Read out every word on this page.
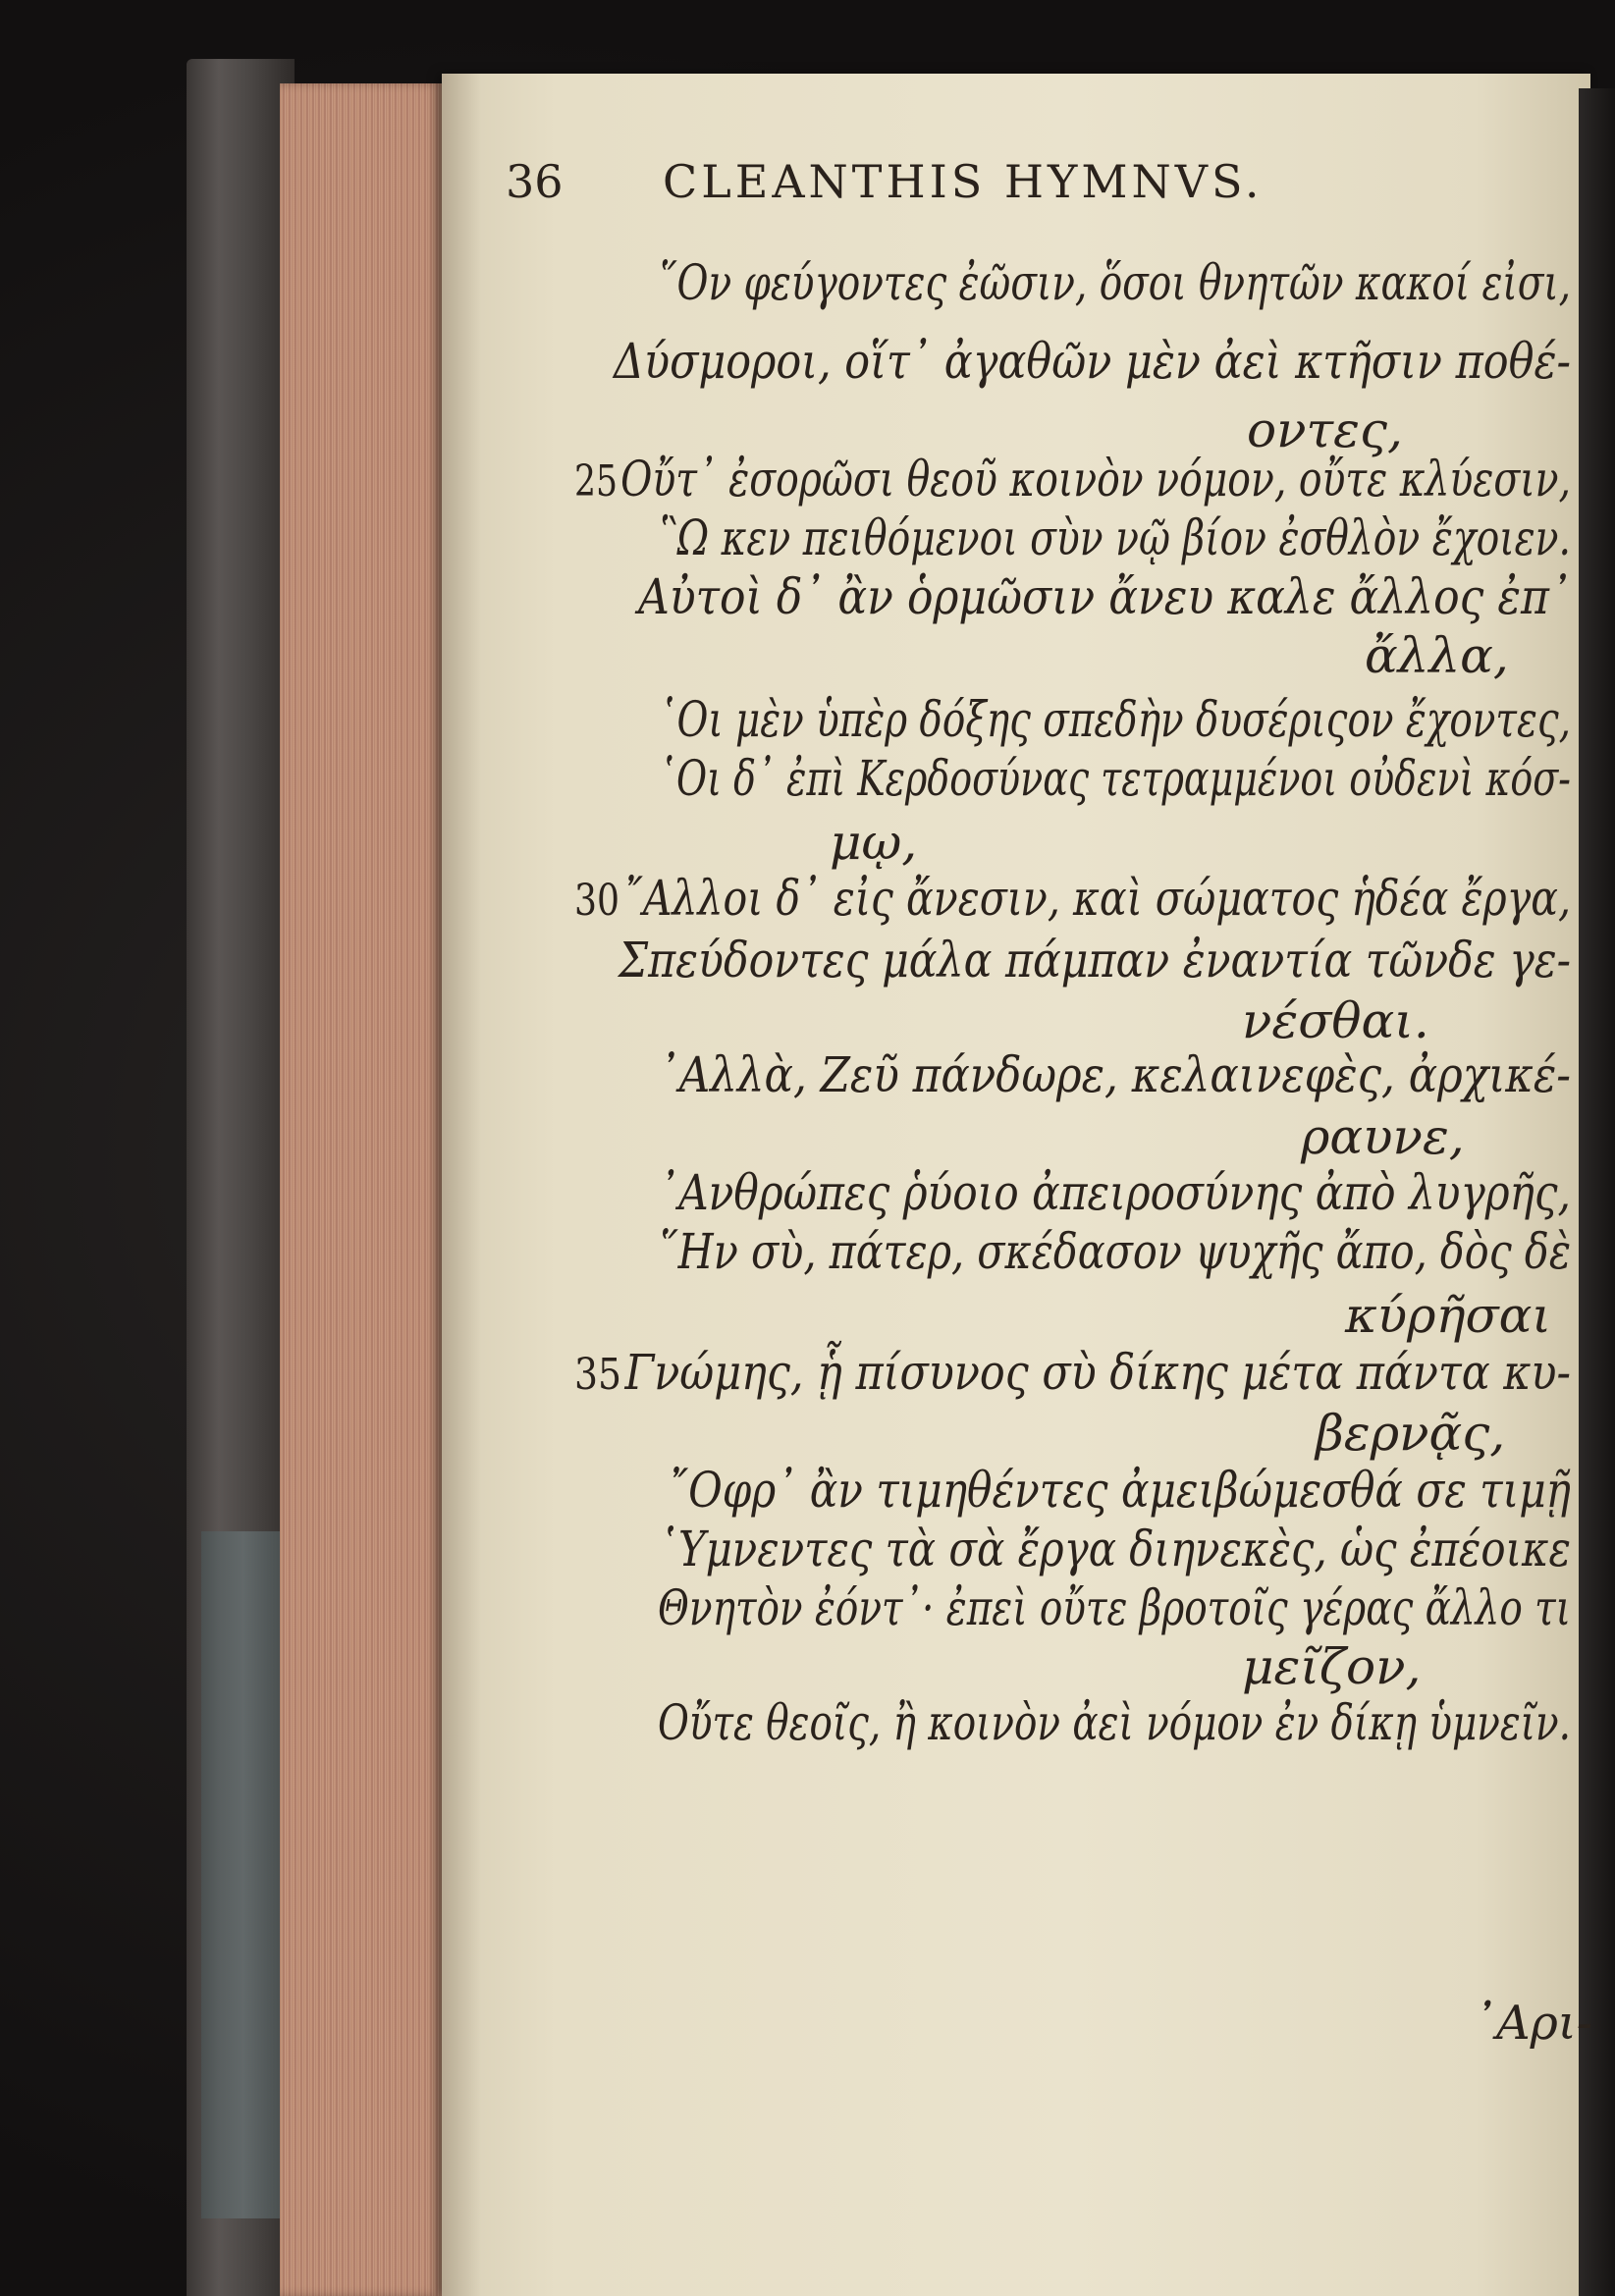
36 CLEANTHIS HYMNVS.
῞Ον φεύγοντες ἐῶσιν, ὅσοι θνητῶν κακοί εἰσι,
Δύσμοροι, οἵτ᾽ ἀγαθῶν μὲν ἀεὶ κτῆσιν ποθέ-
οντες,
25Οὔτ᾽ ἐσορῶσι θεοῦ κοινὸν νόμον, οὔτε κλύεσιν,
῝Ω κεν πειθόμενοι σὺν νῷ βίον ἐσθλὸν ἔχοιεν.
Αὐτοὶ δ᾽ ἂν ὁρμῶσιν ἄνευ καλε ἄλλος ἐπ᾽
ἄλλα,
῾Οι μὲν ὑπὲρ δόξης σπεδὴν δυσέριςον ἔχοντες,
῾Οι δ᾽ ἐπὶ Κερδοσύνας τετραμμένοι οὐδενὶ κόσ-
μῳ,
30῎Αλλοι δ᾽ εἰς ἄνεσιν, καὶ σώματος ἡδέα ἔργα,
Σπεύδοντες μάλα πάμπαν ἐναντία τῶνδε γε-
νέσθαι.
᾿Αλλὰ, Ζεῦ πάνδωρε, κελαινεφὲς, ἀρχικέ-
ραυνε,
᾿Ανθρώπες ῥύοιο ἀπειροσύνης ἀπὸ λυγρῆς,
῞Ην σὺ, πάτερ, σκέδασον ψυχῆς ἄπο, δὸς δὲ
κύρῆσαι
35Γνώμης, ᾗ πίσυνος σὺ δίκης μέτα πάντα κυ-
βερνᾷς,
῎Οφρ᾽ ἂν τιμηθέντες ἀμειβώμεσθά σε τιμῇ
῾Υμνεντες τὰ σὰ ἔργα διηνεκὲς, ὡς ἐπέοικε
Θνητὸν ἐόντ᾽· ἐπεὶ οὔτε βροτοῖς γέρας ἄλλο τι
μεῖζον,
Οὔτε θεοῖς, ἢ κοινὸν ἀεὶ νόμον ἐν δίκῃ ὑμνεῖν.
᾿Αρι-
